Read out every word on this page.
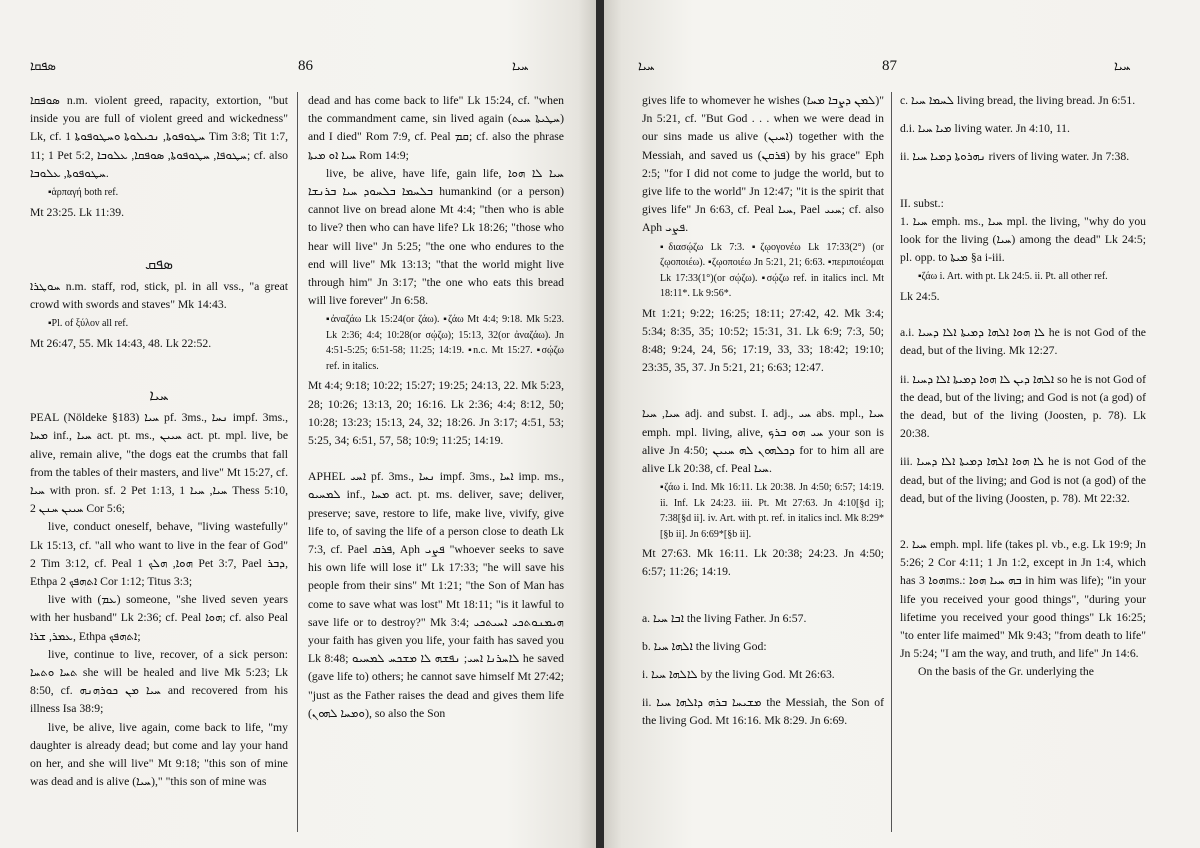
ܣܦܩܐ	86	ܚܝܐ

ܣܘܦܩܐ n.m. violent greed, rapacity, extortion, "but inside you are full of violent greed and wickedness" Lk, cf. ܚܛܘܦܘܬܐ, ܢܟܝܠܘܬܐ ܘܚܛܘܦܘܬܐ 1 Tim 3:8; Tit 1:7, 11; 1 Pet 5:2, ܚܛܘܦܐ, ܚܛܘܦܘܬܐ, ܣܘܦܩܐ, ܥܠܘܒܐ; cf. also ܚܛܘܦܘܬܐ, ܥܠܘܒܐ.

▪ἁρπαγή both ref.

Mt 23:25. Lk 11:39.

ܣܦܩ

ܚܘܛܪܐ n.m. staff, rod, stick, pl. in all vss., "a great crowd with swords and staves" Mk 14:43.

▪Pl. of ξύλον all ref.

Mt 26:47, 55. Mk 14:43, 48. Lk 22:52.

ܚܝܐ

PEAL (Nöldeke §183) ܚܝܐ pf. 3ms., ܢܚܐ impf. 3ms., ܡܚܐ inf., ܚܝܐ act. pt. ms., ܚܝܝܢ act. pt. mpl. live, be alive, remain alive, "the dogs eat the crumbs that fall from the tables of their masters, and live" Mt 15:27, cf. ܚܝܐ with pron. sf. 2 Pet 1:13, ܚܝܐ, ܚܝܐ 1 Thess 5:10, ܚܝܝܢ ܚܢܢ 2 Cor 5:6;

live, conduct oneself, behave, "living wastefully" Lk 15:13, cf. "all who want to live in the fear of God" 2 Tim 3:12, cf. Peal ܗܘܐ, ܗܠܟ 1 Pet 3:7, Pael ܕܒܪ, Ethpa ܐܬܗܦܟ 2 Cor 1:12; Titus 3:3;

live with (ܥܡ) someone, "she lived seven years with her husband" Lk 2:36; cf. Peal ܗܘܐ; cf. also Peal ܥܡܪ, ܫܪܐ, Ethpa ܐܬܗܦܟ;

live, continue to live, recover, of a sick person: ܬܚܐ ܘܬܚܐ she will be healed and live Mk 5:23; Lk 8:50, cf. ܚܝܐ ܡܢ ܟܘܪܗܢܗ and recovered from his illness Isa 38:9;

live, be alive, live again, come back to life, "my daughter is already dead; but come and lay your hand on her, and she will live" Mt 9:18; "this son of mine was dead and is alive (ܚܝܐ)," "this son of mine was

dead and has come back to life" Lk 15:24, cf. "when the commandment came, sin lived again (ܚܛܝܬܐ ܚܝܬ) and I died" Rom 7:9, cf. Peal ܩܡ; cf. also the phrase ܚܝܐ ܐܘ ܡܝܬܐ Rom 14:9;

live, be alive, have life, gain life, ܚܝܐ ܠܐ ܗܘܐ ܒܠܚܡܐ ܒܠܚܘܕ ܚܝܐ ܒܪܢܫܐ humankind (or a person) cannot live on bread alone Mt 4:4; "then who is able to live? then who can have life? Lk 18:26; "those who hear will live" Jn 5:25; "the one who endures to the end will live" Mk 13:13; "that the world might live through him" Jn 3:17; "the one who eats this bread will live forever" Jn 6:58.

▪ἀναζάω Lk 15:24(or ζάω). ▪ζάω Mt 4:4; 9:18. Mk 5:23. Lk 2:36; 4:4; 10:28(or σῴζω); 15:13, 32(or ἀναζάω). Jn 4:51-5:25; 6:51-58; 11:25; 14:19. ▪n.c. Mt 15:27. ▪σῴζω ref. in italics.

Mt 4:4; 9:18; 10:22; 15:27; 19:25; 24:13, 22. Mk 5:23, 28; 10:26; 13:13, 20; 16:16. Lk 2:36; 4:4; 8:12, 50; 10:28; 13:23; 15:13, 24, 32; 18:26. Jn 3:17; 4:51, 53; 5:25, 34; 6:51, 57, 58; 10:9; 11:25; 14:19.

APHEL ܐܚܝ pf. 3ms., ܢܚܐ impf. 3ms., ܐܚܐ imp. ms., ܠܡܚܝܘ inf., ܡܚܐ act. pt. ms. deliver, save; deliver, preserve; save, restore to life, make live, vivify, give life to, of saving the life of a person close to death Lk 7:3, cf. Pael ܦܪܩ, Aph ܦܨܝ "whoever seeks to save his own life will lose it" Lk 17:33; "he will save his people from their sins" Mt 1:21; "the Son of Man has come to save what was lost" Mt 18:11; "is it lawful to save life or to destroy?" Mk 3:4; ܗܝܡܢܘܬܟܝ ܐܚܝܬܟܝ your faith has given you life, your faith has saved you Lk 8:48; ܠܐܚܪܢܐ ܐܚܝ; ܢܦܫܗ ܠܐ ܡܫܟܚ ܠܡܚܝܘ he saved (gave life to) others; he cannot save himself Mt 27:42; "just as the Father raises the dead and gives them life (ܘܡܚܐ ܠܗܘܢ), so also the Son

ܚܝܐ	87	ܚܝܐ

gives life to whomever he wishes (ܠܡܢ ܕܨܒܐ ܡܚܐ)" Jn 5:21, cf. "But God . . . when we were dead in our sins made us alive (ܐܚܝܢ) together with the Messiah, and saved us (ܦܪܩܢ) by his grace" Eph 2:5; "for I did not come to judge the world, but to give life to the world" Jn 12:47; "it is the spirit that gives life" Jn 6:63, cf. Peal ܚܝܐ, Pael ܚܝܝ; cf. also Aph ܦܨܝ.

▪διασῴζω Lk 7:3. ▪ζῳογονέω Lk 17:33(2°) (or ζῳοποιέω). ▪ζῳοποιέω Jn 5:21, 21; 6:63. ▪περιποιέομαι Lk 17:33(1°)(or σῴζω). ▪σῴζω ref. in italics incl. Mt 18:11*. Lk 9:56*.

Mt 1:21; 9:22; 16:25; 18:11; 27:42, 42. Mk 3:4; 5:34; 8:35, 35; 10:52; 15:31, 31. Lk 6:9; 7:3, 50; 8:48; 9:24, 24, 56; 17:19, 33, 33; 18:42; 19:10; 23:35, 35, 37. Jn 5:21, 21; 6:63; 12:47.

ܚܝܐ, ܚܝܐ adj. and subst. I. adj., ܚܝ abs. mpl., ܚܝܐ emph. mpl. living, alive, ܚܝ ܗܘ ܒܪܟ your son is alive Jn 4:50; ܕܟܠܗܘܢ ܠܗ ܚܝܝܢ for to him all are alive Lk 20:38, cf. Peal ܚܝܐ.

▪ζάω i. Ind. Mk 16:11. Lk 20:38. Jn 4:50; 6:57; 14:19. ii. Inf. Lk 24:23. iii. Pt. Mt 27:63. Jn 4:10[§d i]; 7:38[§d ii]. iv. Art. with pt. ref. in italics incl. Mk 8:29* [§b ii]. Jn 6:69*[§b ii].

Mt 27:63. Mk 16:11. Lk 20:38; 24:23. Jn 4:50; 6:57; 11:26; 14:19.

a. ܐܒܐ ܚܝܐ the living Father. Jn 6:57.

b. ܐܠܗܐ ܚܝܐ the living God:

i. ܠܐܠܗܐ ܚܝܐ by the living God. Mt 26:63.

ii. ܡܫܝܚܐ ܒܪܗ ܕܐܠܗܐ ܚܝܐ the Messiah, the Son of the living God. Mt 16:16. Mk 8:29. Jn 6:69.

c. ܠܚܡܐ ܚܝܐ living bread, the living bread. Jn 6:51.

d.i. ܡܝܐ ܚܝܐ living water. Jn 4:10, 11.

ii. ܢܗܪܘܬܐ ܕܡܝܐ ܚܝܐ rivers of living water. Jn 7:38.

II. subst.:

1. ܚܝܐ emph. ms., ܚܝܐ mpl. the living, "why do you look for the living (ܚܝܐ) among the dead" Lk 24:5; pl. opp. to ܡܝܬܐ §a i-iii.

▪ζάω i. Art. with pt. Lk 24:5. ii. Pt. all other ref.

Lk 24:5.

a.i. ܠܐ ܗܘܐ ܐܠܗܐ ܕܡܝܬܐ ܐܠܐ ܕܚܝܐ he is not God of the dead, but of the living. Mk 12:27.

ii. ܐܠܗܐ ܕܝܢ ܠܐ ܗܘܐ ܕܡܝܬܐ ܐܠܐ ܕܚܝܐ so he is not God of the dead, but of the living; and God is not (a god) of the dead, but of the living (Joosten, p. 78). Lk 20:38.

iii. ܠܐ ܗܘܐ ܐܠܗܐ ܕܡܝܬܐ ܐܠܐ ܕܚܝܐ he is not God of the dead, but of the living; and God is not (a god) of the dead, but of the living (Joosten, p. 78). Mt 22:32.

2. ܚܝܐ emph. mpl. life (takes pl. vb., e.g. Lk 19:9; Jn 5:26; 2 Cor 4:11; 1 Jn 1:2, except in Jn 1:4, which has ܗܘܐ 3ms.: ܒܗ ܚܝܐ ܗܘܐ in him was life); "in your life you received your good things", "during your lifetime you received your good things" Lk 16:25; "to enter life maimed" Mk 9:43; "from death to life" Jn 5:24; "I am the way, and truth, and life" Jn 14:6.

On the basis of the Gr. underlying the
